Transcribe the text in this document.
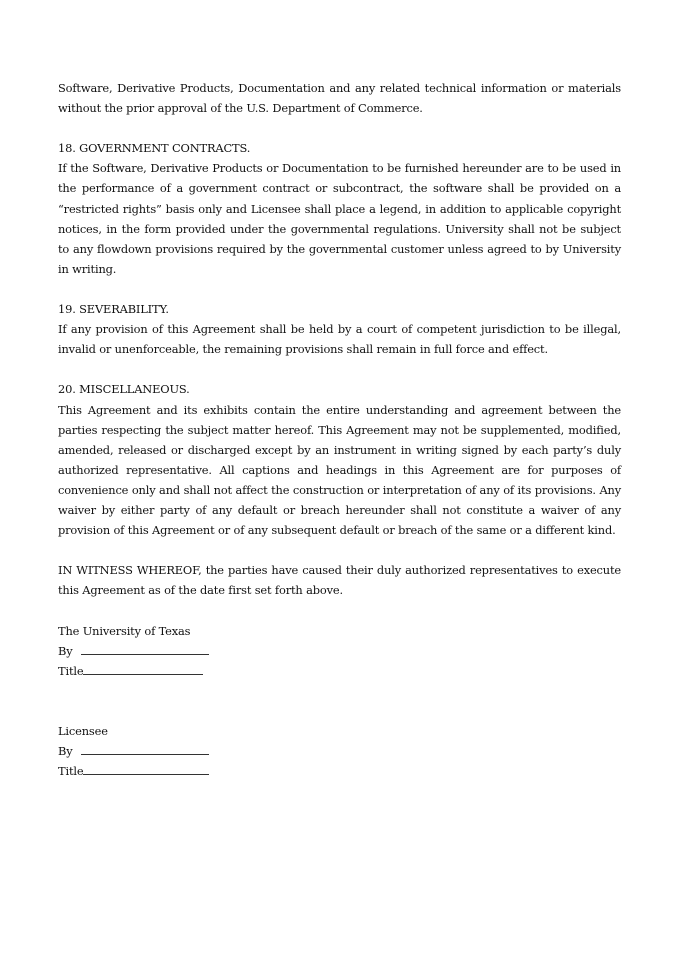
Software, Derivative Products, Documentation and any related technical information or materials without the prior approval of the U.S. Department of Commerce.

18. GOVERNMENT CONTRACTS.

If the Software, Derivative Products or Documentation to be furnished hereunder are to be used in the performance of a government contract or subcontract, the software shall be provided on a “restricted rights” basis only and Licensee shall place a legend, in addition to applicable copyright notices, in the form provided under the governmental regulations. University shall not be subject to any flowdown provisions required by the governmental customer unless agreed to by University in writing.

19. SEVERABILITY.

If any provision of this Agreement shall be held by a court of competent jurisdiction to be illegal, invalid or unenforceable, the remaining provisions shall remain in full force and effect.

20. MISCELLANEOUS.

This Agreement and its exhibits contain the entire understanding and agreement between the parties respecting the subject matter hereof. This Agreement may not be supplemented, modified, amended, released or discharged except by an instrument in writing signed by each party’s duly authorized representative. All captions and headings in this Agreement are for purposes of convenience only and shall not affect the construction or interpretation of any of its provisions. Any waiver by either party of any default or breach hereunder shall not constitute a waiver of any provision of this Agreement or of any subsequent default or breach of the same or a different kind.

IN WITNESS WHEREOF, the parties have caused their duly authorized representatives to execute this Agreement as of the date first set forth above.

The University of Texas

By

Title

Licensee

By

Title
